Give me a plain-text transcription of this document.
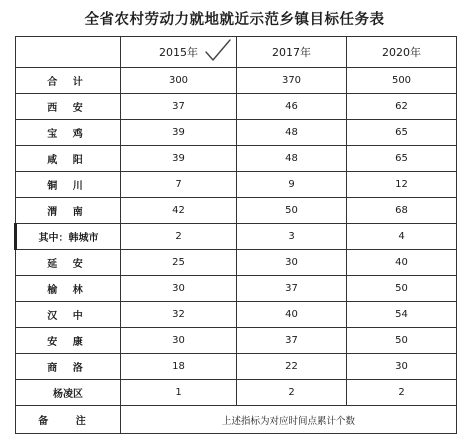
全省农村劳动力就地就近示范乡镇目标任务表
	2015年	2017年	2020年
合 计	300	370	500
西 安	37	46	62
宝 鸡	39	48	65
咸 阳	39	48	65
铜 川	7	9	12
渭 南	42	50	68
其中：韩城市	2	3	4
延 安	25	30	40
榆 林	30	37	50
汉 中	32	40	54
安 康	30	37	50
商 洛	18	22	30
杨凌区	1	2	2
备 注	上述指标为对应时间点累计个数		
